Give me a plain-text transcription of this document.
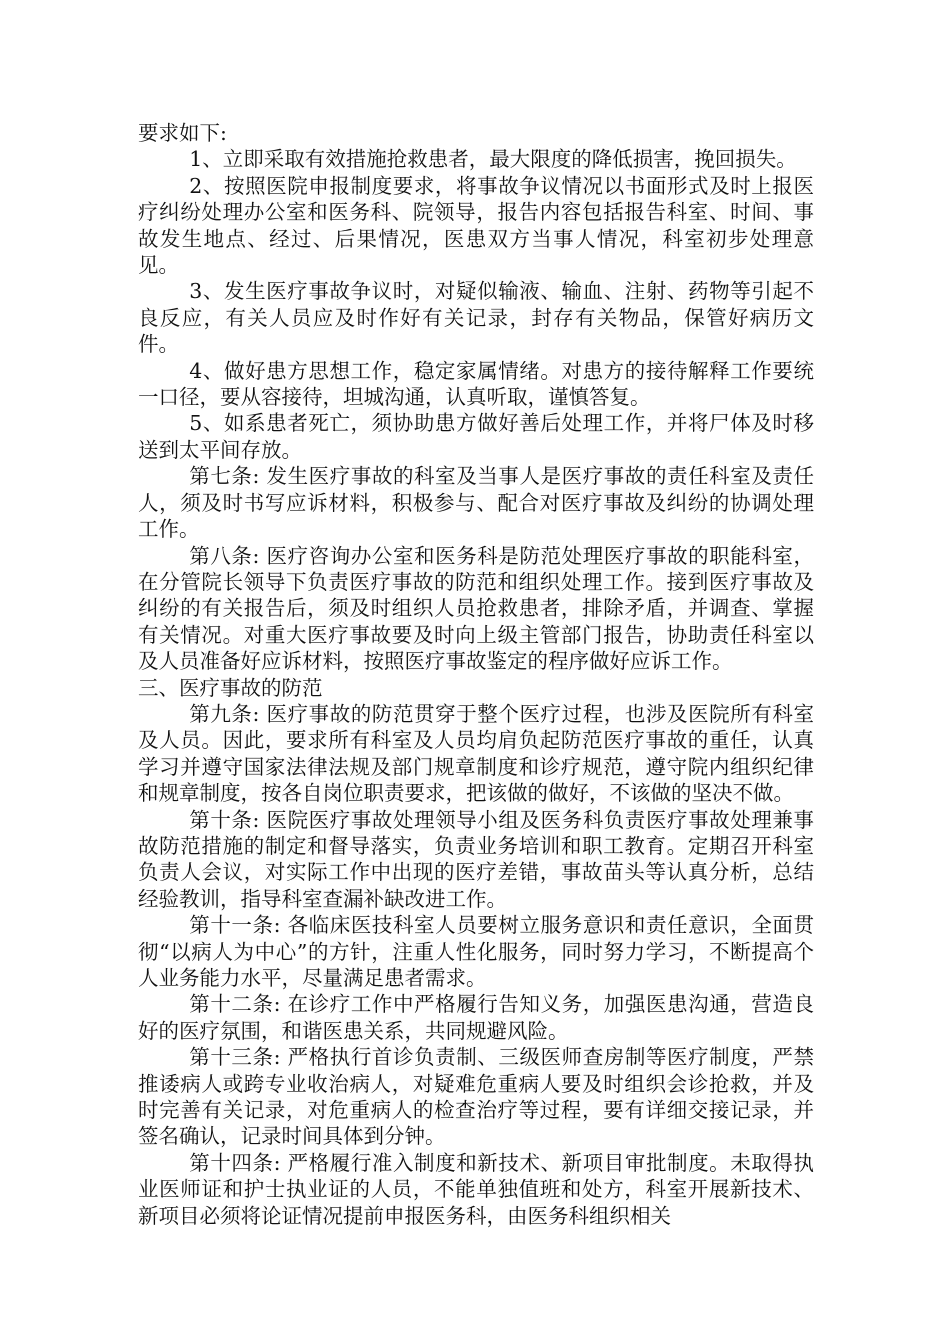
要求如下:

1、立即采取有效措施抢救患者，最大限度的降低损害，挽回损失。

2、按照医院申报制度要求，将事故争议情况以书面形式及时上报医疗纠纷处理办公室和医务科、院领导，报告内容包括报告科室、时间、事故发生地点、经过、后果情况，医患双方当事人情况，科室初步处理意见。

3、发生医疗事故争议时，对疑似输液、输血、注射、药物等引起不良反应，有关人员应及时作好有关记录，封存有关物品，保管好病历文件。

4、做好患方思想工作，稳定家属情绪。对患方的接待解释工作要统一口径，要从容接待，坦城沟通，认真听取，谨慎答复。

5、如系患者死亡，须协助患方做好善后处理工作，并将尸体及时移送到太平间存放。

第七条: 发生医疗事故的科室及当事人是医疗事故的责任科室及责任人，须及时书写应诉材料，积极参与、配合对医疗事故及纠纷的协调处理工作。

第八条: 医疗咨询办公室和医务科是防范处理医疗事故的职能科室，在分管院长领导下负责医疗事故的防范和组织处理工作。接到医疗事故及纠纷的有关报告后，须及时组织人员抢救患者，排除矛盾，并调查、掌握有关情况。对重大医疗事故要及时向上级主管部门报告，协助责任科室以及人员准备好应诉材料，按照医疗事故鉴定的程序做好应诉工作。

三、医疗事故的防范

第九条: 医疗事故的防范贯穿于整个医疗过程，也涉及医院所有科室及人员。因此，要求所有科室及人员均肩负起防范医疗事故的重任，认真学习并遵守国家法律法规及部门规章制度和诊疗规范，遵守院内组织纪律和规章制度，按各自岗位职责要求，把该做的做好，不该做的坚决不做。

第十条: 医院医疗事故处理领导小组及医务科负责医疗事故处理兼事故防范措施的制定和督导落实，负责业务培训和职工教育。定期召开科室负责人会议，对实际工作中出现的医疗差错，事故苗头等认真分析，总结经验教训，指导科室查漏补缺改进工作。

第十一条: 各临床医技科室人员要树立服务意识和责任意识，全面贯彻“以病人为中心”的方针，注重人性化服务，同时努力学习，不断提高个人业务能力水平，尽量满足患者需求。

第十二条: 在诊疗工作中严格履行告知义务，加强医患沟通，营造良好的医疗氛围，和谐医患关系，共同规避风险。

第十三条: 严格执行首诊负责制、三级医师查房制等医疗制度，严禁推诿病人或跨专业收治病人，对疑难危重病人要及时组织会诊抢救，并及时完善有关记录，对危重病人的检查治疗等过程，要有详细交接记录，并签名确认，记录时间具体到分钟。

第十四条: 严格履行准入制度和新技术、新项目审批制度。未取得执业医师证和护士执业证的人员，不能单独值班和处方，科室开展新技术、新项目必须将论证情况提前申报医务科，由医务科组织相关
